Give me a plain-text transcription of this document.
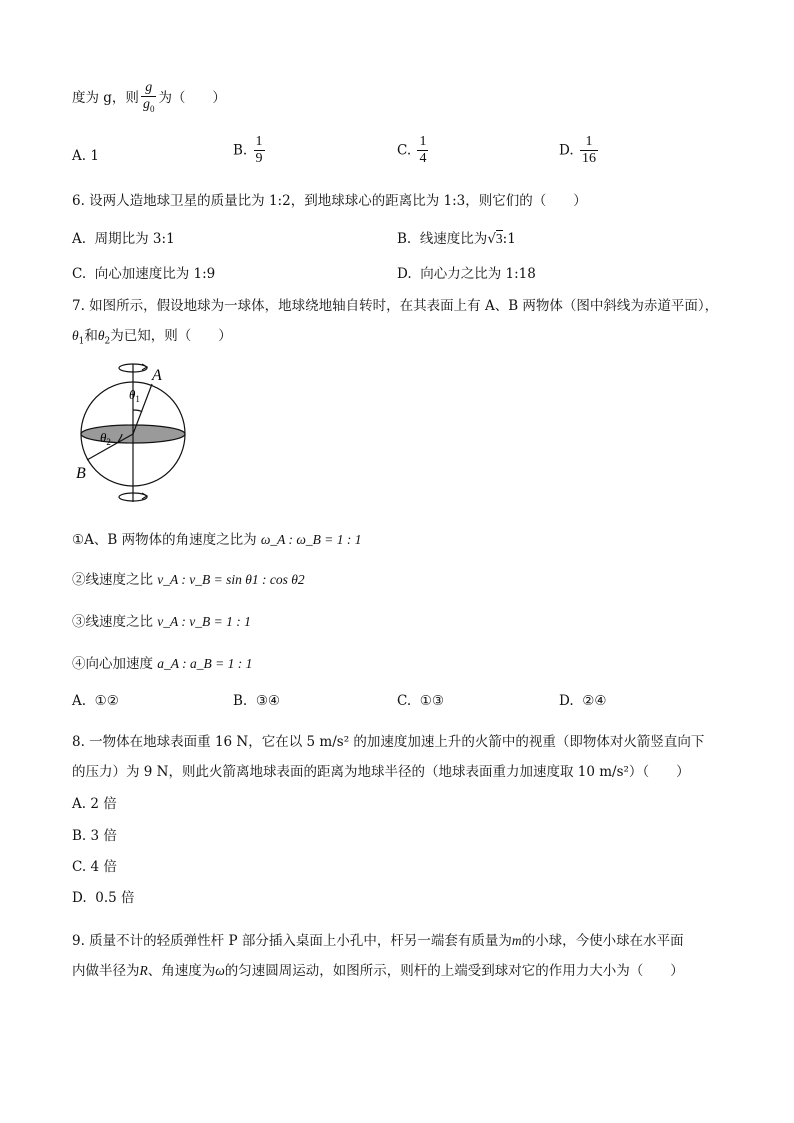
度为 g，则 $\frac{g}{g_0}$ 为（　　）
A. 1	B. $\frac{1}{9}$	C. $\frac{1}{4}$	D. $\frac{1}{16}$
6. 设两人造地球卫星的质量比为 1:2，到地球球心的距离比为 1:3，则它们的（　　）
A. 周期比为 3:1	B. 线速度比为√3:1
C. 向心加速度比为 1:9	D. 向心力之比为 1:18
7. 如图所示，假设地球为一球体，地球绕地轴自转时，在其表面上有 A、B 两物体（图中斜线为赤道平面），
$\theta_1$和$\theta_2$为已知，则（　　）
A
B
$\theta_1$
$\theta_2$
①A、B 两物体的角速度之比为 ω_A : ω_B = 1 : 1
②线速度之比 v_A : v_B = sin θ1 : cos θ2
③线速度之比 v_A : v_B = 1 : 1
④向心加速度 a_A : a_B = 1 : 1
A. ①②	B. ③④	C. ①③	D. ②④
8. 一物体在地球表面重 16 N，它在以 5 m/s² 的加速度加速上升的火箭中的视重（即物体对火箭竖直向下
的压力）为 9 N，则此火箭离地球表面的距离为地球半径的（地球表面重力加速度取 10 m/s²）（　　）
A. 2 倍
B. 3 倍
C. 4 倍
D. 0.5 倍
9. 质量不计的轻质弹性杆 P 部分插入桌面上小孔中，杆另一端套有质量为m的小球，今使小球在水平面
内做半径为R、角速度为ω的匀速圆周运动，如图所示，则杆的上端受到球对它的作用力大小为（　　）
